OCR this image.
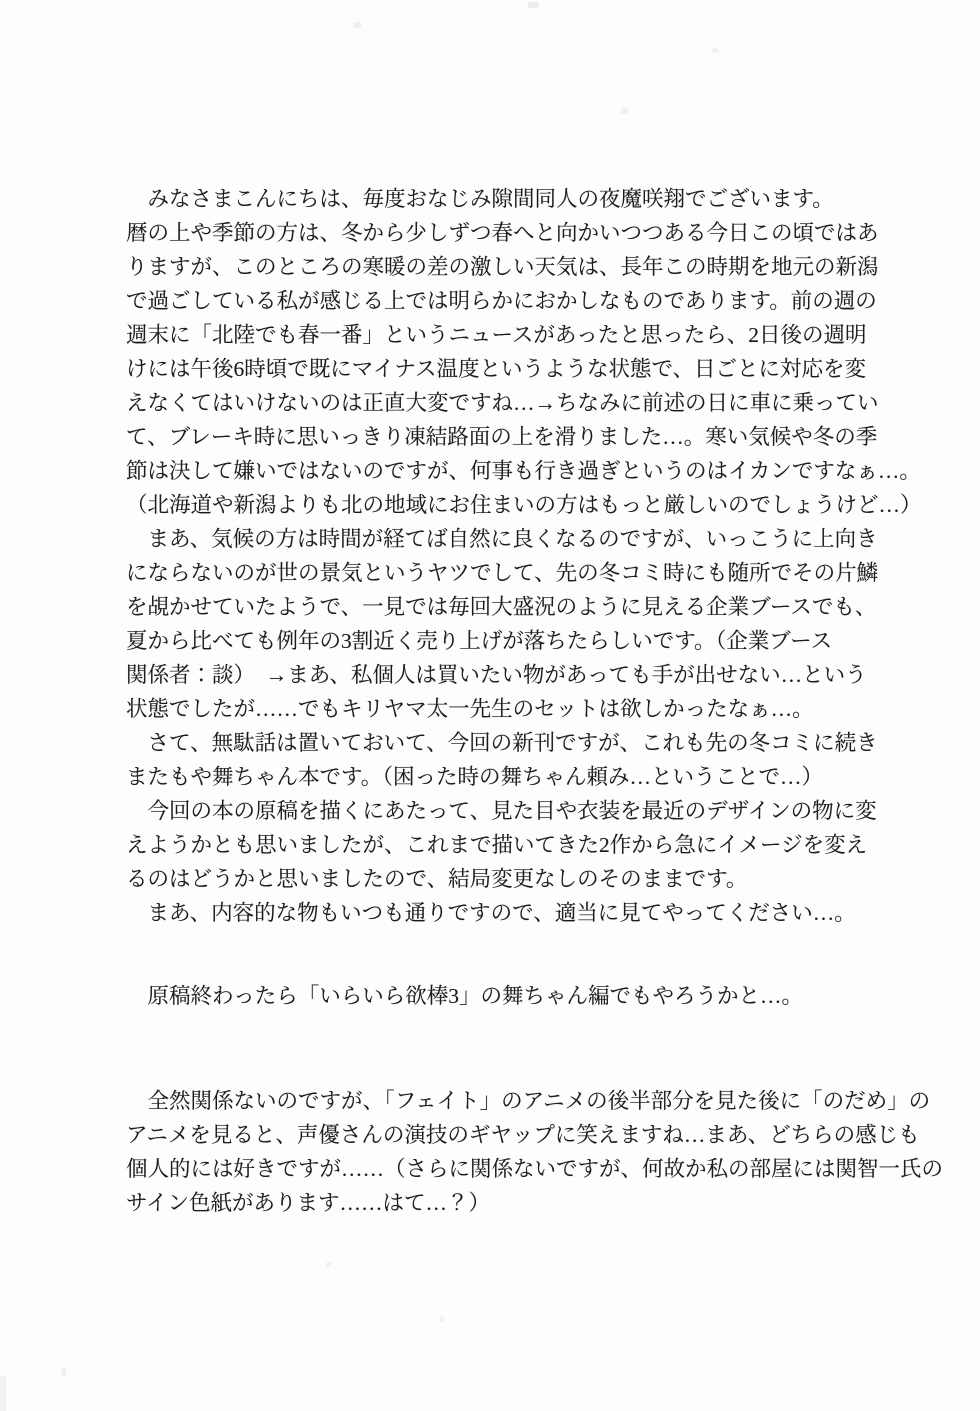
　みなさまこんにちは、毎度おなじみ隙間同人の夜魔咲翔でございます。
暦の上や季節の方は、冬から少しずつ春へと向かいつつある今日この頃ではあ
りますが、このところの寒暖の差の激しい天気は、長年この時期を地元の新潟
で過ごしている私が感じる上では明らかにおかしなものであります。前の週の
週末に「北陸でも春一番」というニュースがあったと思ったら、2日後の週明
けには午後6時頃で既にマイナス温度というような状態で、日ごとに対応を変
えなくてはいけないのは正直大変ですね…→ちなみに前述の日に車に乗ってい
て、ブレーキ時に思いっきり凍結路面の上を滑りました…。寒い気候や冬の季
節は決して嫌いではないのですが、何事も行き過ぎというのはイカンですなぁ…。
（北海道や新潟よりも北の地域にお住まいの方はもっと厳しいのでしょうけど…）
　まあ、気候の方は時間が経てば自然に良くなるのですが、いっこうに上向き
にならないのが世の景気というヤツでして、先の冬コミ時にも随所でその片鱗
を覘かせていたようで、一見では毎回大盛況のように見える企業ブースでも、
夏から比べても例年の3割近く売り上げが落ちたらしいです。（企業ブース
関係者：談）　→まあ、私個人は買いたい物があっても手が出せない…という
状態でしたが……でもキリヤマ太一先生のセットは欲しかったなぁ…。
　さて、無駄話は置いておいて、今回の新刊ですが、これも先の冬コミに続き
またもや舞ちゃん本です。（困った時の舞ちゃん頼み…ということで…）
　今回の本の原稿を描くにあたって、見た目や衣装を最近のデザインの物に変
えようかとも思いましたが、これまで描いてきた2作から急にイメージを変え
るのはどうかと思いましたので、結局変更なしのそのままです。
　まあ、内容的な物もいつも通りですので、適当に見てやってください…。
　原稿終わったら「いらいら欲棒3」の舞ちゃん編でもやろうかと…。
　全然関係ないのですが、「フェイト」のアニメの後半部分を見た後に「のだめ」の
アニメを見ると、声優さんの演技のギヤップに笑えますね…まあ、どちらの感じも
個人的には好きですが……（さらに関係ないですが、何故か私の部屋には関智一氏の
サイン色紙があります……はて…？）
